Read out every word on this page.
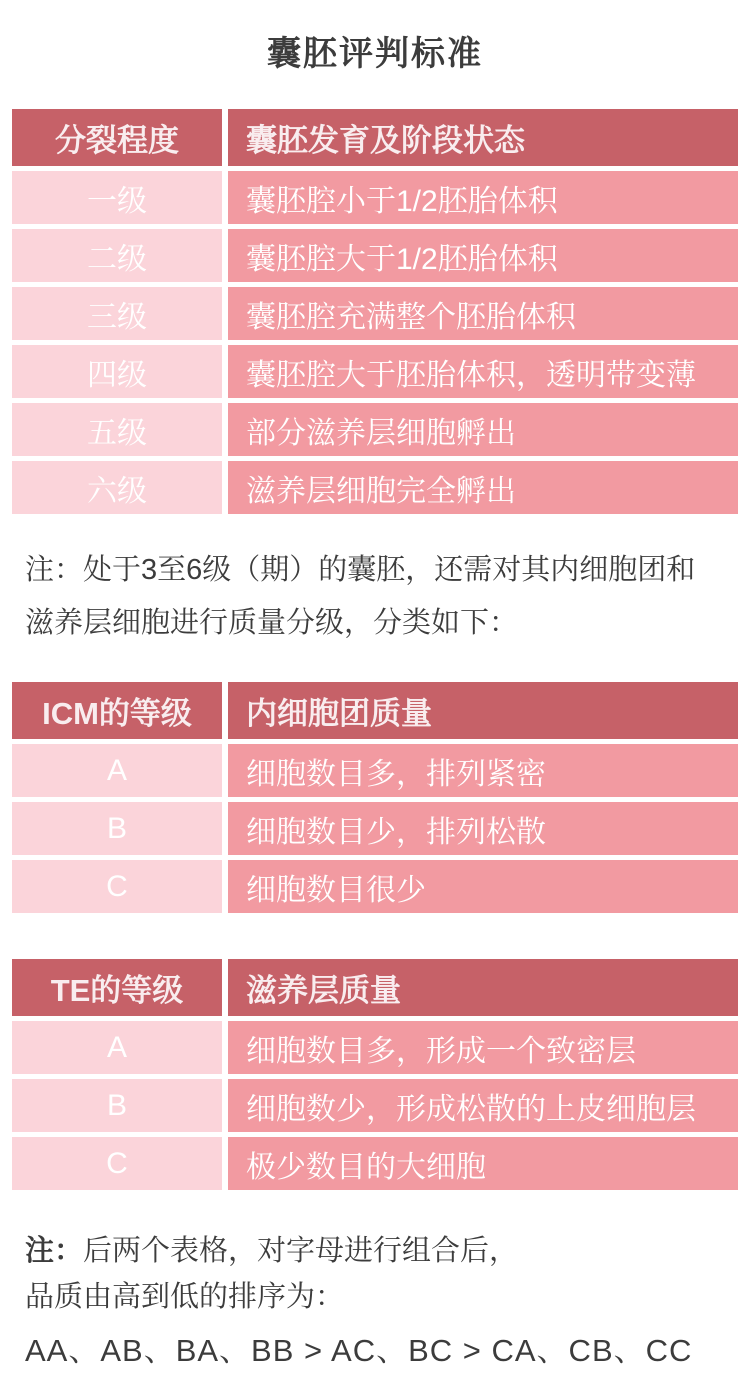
囊胚评判标准
分裂程度	囊胚发育及阶段状态
一级	囊胚腔小于1/2胚胎体积
二级	囊胚腔大于1/2胚胎体积
三级	囊胚腔充满整个胚胎体积
四级	囊胚腔大于胚胎体积，透明带变薄
五级	部分滋养层细胞孵出
六级	滋养层细胞完全孵出
注：处于3至6级（期）的囊胚，还需对其内细胞团和
滋养层细胞进行质量分级，分类如下：
ICM的等级	内细胞团质量
A	细胞数目多，排列紧密
B	细胞数目少，排列松散
C	细胞数目很少
TE的等级	滋养层质量
A	细胞数目多，形成一个致密层
B	细胞数少，形成松散的上皮细胞层
C	极少数目的大细胞
注：后两个表格，对字母进行组合后，
品质由高到低的排序为：
AA、AB、BA、BB > AC、BC > CA、CB、CC
